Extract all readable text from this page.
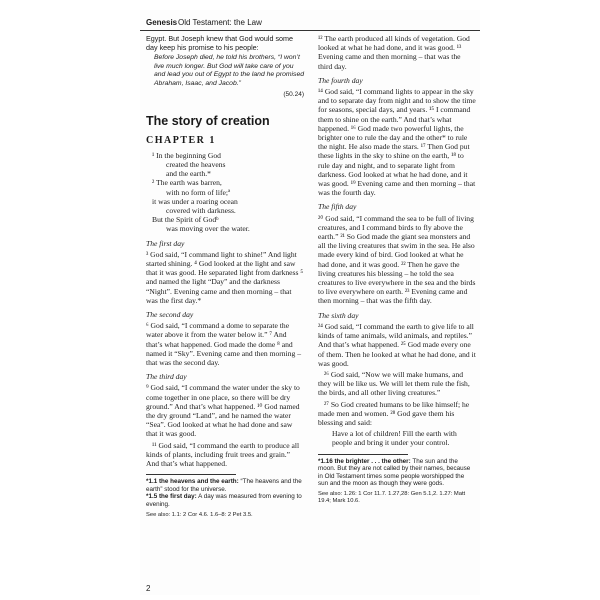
Genesis Old Testament: the Law

Egypt. But Joseph knew that God would some day keep his promise to his people:

Before Joseph died, he told his brothers, “I won’t live much longer. But God will take care of you and lead you out of Egypt to the land he promised Abraham, Isaac, and Jacob.”

(50.24)
The story of creation
CHAPTER 1
¹ In the beginning God
created the heavens
and the earth.*
² The earth was barren,
with no form of life;ª
it was under a roaring ocean
covered with darkness.
But the Spirit of Godᵇ
was moving over the water.
The first day

³ God said, “I command light to shine!” And light started shining. ⁴ God looked at the light and saw that it was good. He separated light from darkness ⁵ and named the light “Day” and the darkness “Night”. Evening came and then morning – that was the first day.*

The second day

⁶ God said, “I command a dome to separate the water above it from the water below it.” ⁷ And that’s what happened. God made the dome ⁸ and named it “Sky”. Evening came and then morning – that was the second day.

The third day

⁹ God said, “I command the water under the sky to come together in one place, so there will be dry ground.” And that’s what happened. ¹⁰ God named the dry ground “Land”, and he named the water “Sea”. God looked at what he had done and saw that it was good.

¹¹ God said, “I command the earth to produce all kinds of plants, including fruit trees and grain.” And that’s what happened.

*1.1 the heavens and the earth: “The heavens and the earth” stood for the universe.
*1.5 the first day: A day was measured from evening to evening.
See also: 1.1: 2 Cor 4.6. 1.6–8: 2 Pet 3.5.

¹² The earth produced all kinds of vegetation. God looked at what he had done, and it was good. ¹³ Evening came and then morning – that was the third day.

The fourth day

¹⁴ God said, “I command lights to appear in the sky and to separate day from night and to show the time for seasons, special days, and years. ¹⁵ I command them to shine on the earth.” And that’s what happened. ¹⁶ God made two powerful lights, the brighter one to rule the day and the other* to rule the night. He also made the stars. ¹⁷ Then God put these lights in the sky to shine on the earth, ¹⁸ to rule day and night, and to separate light from darkness. God looked at what he had done, and it was good. ¹⁹ Evening came and then morning – that was the fourth day.

The fifth day

²⁰ God said, “I command the sea to be full of living creatures, and I command birds to fly above the earth.” ²¹ So God made the giant sea monsters and all the living creatures that swim in the sea. He also made every kind of bird. God looked at what he had done, and it was good. ²² Then he gave the living creatures his blessing – he told the sea creatures to live everywhere in the sea and the birds to live everywhere on earth. ²³ Evening came and then morning – that was the fifth day.

The sixth day

²⁴ God said, “I command the earth to give life to all kinds of tame animals, wild animals, and reptiles.” And that’s what happened. ²⁵ God made every one of them. Then he looked at what he had done, and it was good.

²⁶ God said, “Now we will make humans, and they will be like us. We will let them rule the fish, the birds, and all other living creatures.”

²⁷ So God created humans to be like himself; he made men and women. ²⁸ God gave them his blessing and said:

Have a lot of children! Fill the earth with people and bring it under your control.

*1.16 the brighter . . . the other: The sun and the moon. But they are not called by their names, because in Old Testament times some people worshipped the sun and the moon as though they were gods.
See also: 1.26: 1 Cor 11.7. 1.27,28: Gen 5.1,2. 1.27: Matt 19.4; Mark 10.6.
2
